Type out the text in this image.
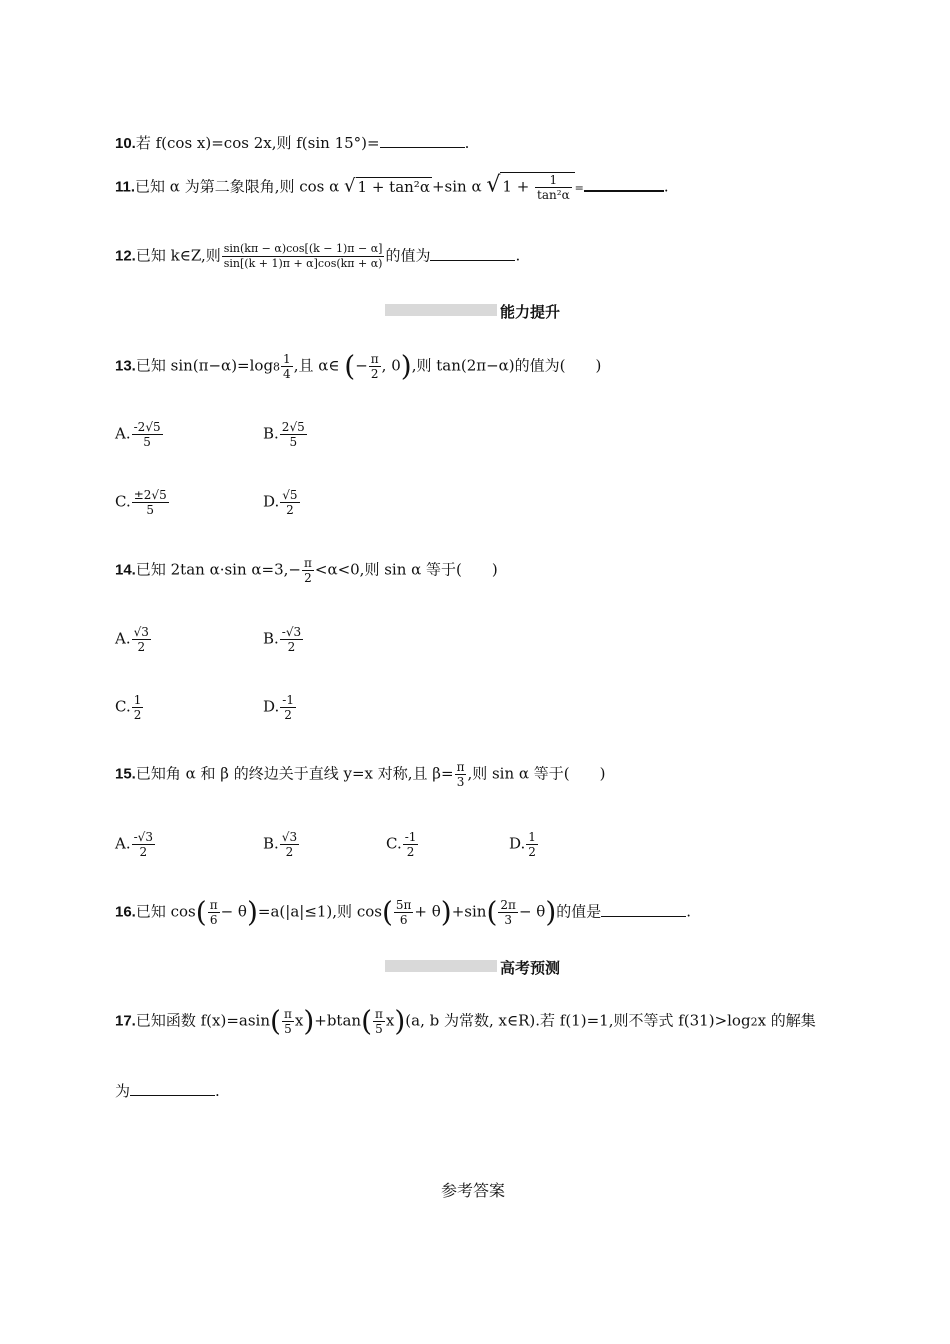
10.若 f(cos x)=cos 2x,则 f(sin 15°)=	.
11.已知 α 为第二象限角,则 cos α √ 1 + tan²α +sin α √ $1 + \frac{1}{\text{tan²α}}$ =	.
12.已知 k∈Z,则 $\frac{\sin(k\pi - \alpha)\cos[(k - 1)\pi - \alpha]}{\sin[(k + 1)\pi + \alpha]\cos(k\pi + \alpha)}$ 的值为	.
能力提升
13.已知 $\sin(\pi-\alpha)=\log 8 \frac{1}{4}$ ,且 α∈ (− $\frac{\pi}{2}$ , 0),则 tan(2π−α)的值为(　　)
A. $\frac{-2√5}{5}$	B. $\frac{2√5}{5}$
C. $\frac{\pm 2√5}{5}$	D. $\frac{√5}{2}$
14.已知 2tan α·sin $\alpha=3,- \frac{\pi}{2} <\alpha<0$,则 sin α 等于(　　)
A. $\frac{√3}{2}$	B. $\frac{-√3}{2}$
C. $\frac{1}{2}$	D. $\frac{-1}{2}$
15.已知角 α 和 β 的终边关于直线 y=x 对称,且 $\beta= \frac{\pi}{3}$ ,则 sin α 等于(　　)
A. $\frac{-√3}{2}$	B. $\frac{√3}{2}$	C. $\frac{-1}{2}$	D. $\frac{1}{2}$
16.已知 $\cos( \frac{\pi}{6} - \theta)=a(|a|\le 1)$,则 $\cos( \frac{5\pi}{6} + \theta)+\sin( \frac{2\pi}{3} - \theta)$的值是	.
高考预测
17.已知函数 $f(x)=asin( \frac{\pi}{5} x)+btan( \frac{\pi}{5} x)(a$, b 为常数, x∈R).若 f(1)=1,则不等式 f(31)>log2x 的解集
为	.
参考答案
